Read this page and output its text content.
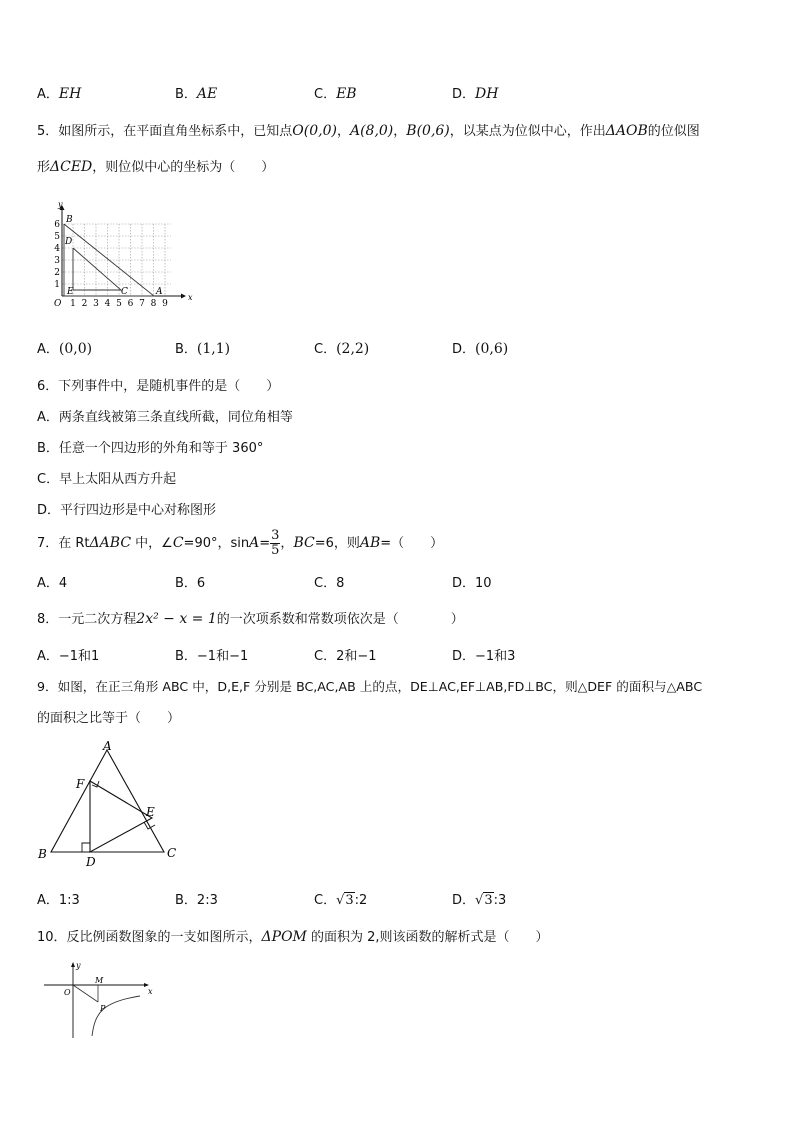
A．EH	B．AE	C．EB	D．DH
5．如图所示，在平面直角坐标系中，已知点O(0,0)，A(8,0)，B(0,6)，以某点为位似中心，作出ΔAOB的位似图
形ΔCED，则位似中心的坐标为（　　）
x
y
O 1 2 3 4 5 6 7 8 9
1
2
3
4
5
6 B
D
E	C	A
A．(0,0)	B．(1,1)	C．(2,2)	D．(0,6)
6．下列事件中，是随机事件的是（　　）
A．两条直线被第三条直线所截，同位角相等
B．任意一个四边形的外角和等于 360°
C．早上太阳从西方升起
D．平行四边形是中心对称图形
7．在 RtΔABC 中，∠C=90°，$\sin A= \frac{3}{5}$ ，BC=6，则AB=（　　）
A．4	B．6	C．8	D．10
8．一元二次方程2x² − x = 1的一次项系数和常数项依次是（　　　　）
A．−1和1	B．−1和−1	C．2和−1	D．−1和3
9．如图，在正三角形 ABC 中，D,E,F 分别是 BC,AC,AB 上的点，DE⊥AC,EF⊥AB,FD⊥BC，则△DEF 的面积与△ABC
的面积之比等于（　　）
A
B	C
D
E
F
A．1:3	B．2:3	C．√3:2	D．√3:3
10．反比例函数图象的一支如图所示，ΔPOM 的面积为 2,则该函数的解析式是（　　）
y
x
O
M
P
